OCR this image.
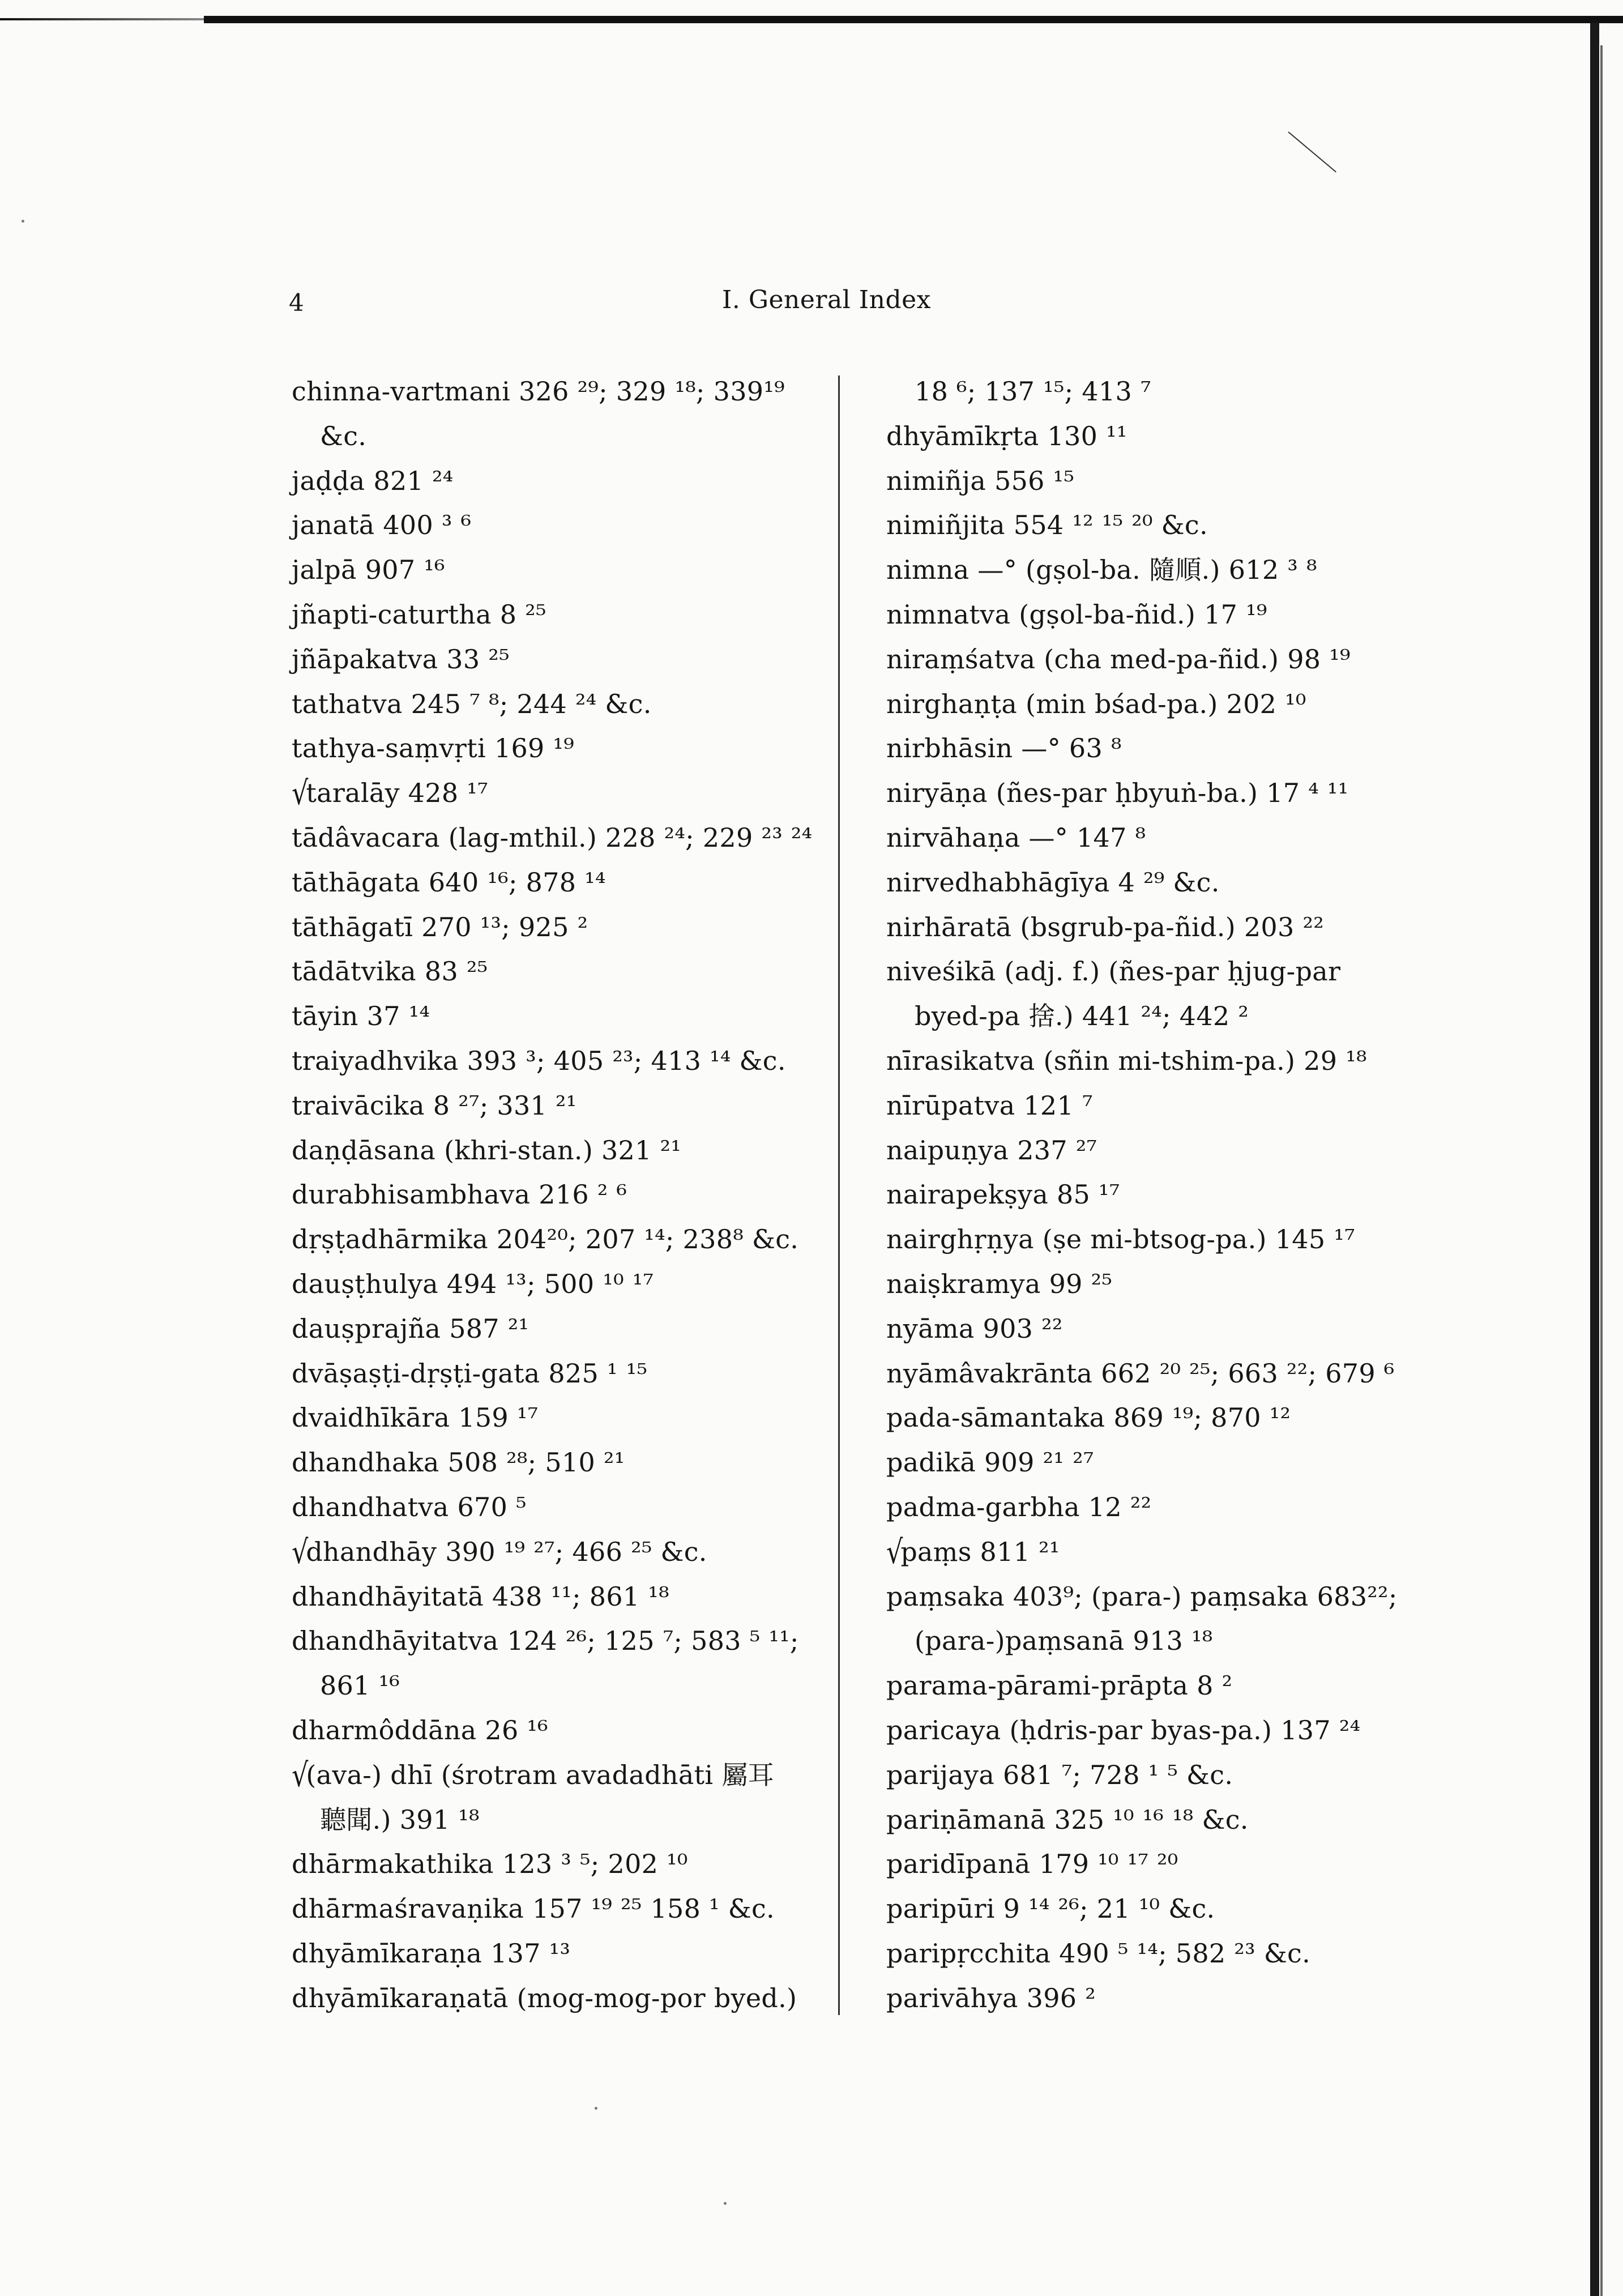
4	I. General Index
chinna-vartmani 326 ²⁹; 329 ¹⁸; 339¹⁹
&c.
jaḍḍa 821 ²⁴
janatā 400 ³ ⁶
jalpā 907 ¹⁶
jñapti-caturtha 8 ²⁵
jñāpakatva 33 ²⁵
tathatva 245 ⁷ ⁸; 244 ²⁴ &c.
tathya-saṃvṛti 169 ¹⁹
√taralāy 428 ¹⁷
tādâvacara (lag-mthil.) 228 ²⁴; 229 ²³ ²⁴
tāthāgata 640 ¹⁶; 878 ¹⁴
tāthāgatī 270 ¹³; 925 ²
tādātvika 83 ²⁵
tāyin 37 ¹⁴
traiyadhvika 393 ³; 405 ²³; 413 ¹⁴ &c.
traivācika 8 ²⁷; 331 ²¹
daṇḍāsana (khri-stan.) 321 ²¹
durabhisambhava 216 ² ⁶
dṛṣṭadhārmika 204²⁰; 207 ¹⁴; 238⁸ &c.
dauṣṭhulya 494 ¹³; 500 ¹⁰ ¹⁷
dauṣprajña 587 ²¹
dvāṣaṣṭi-dṛṣṭi-gata 825 ¹ ¹⁵
dvaidhīkāra 159 ¹⁷
dhandhaka 508 ²⁸; 510 ²¹
dhandhatva 670 ⁵
√dhandhāy 390 ¹⁹ ²⁷; 466 ²⁵ &c.
dhandhāyitatā 438 ¹¹; 861 ¹⁸
dhandhāyitatva 124 ²⁶; 125 ⁷; 583 ⁵ ¹¹;
861 ¹⁶
dharmôddāna 26 ¹⁶
√(ava-) dhī (śrotram avadadhāti 屬耳
聽聞.) 391 ¹⁸
dhārmakathika 123 ³ ⁵; 202 ¹⁰
dhārmaśravaṇika 157 ¹⁹ ²⁵ 158 ¹ &c.
dhyāmīkaraṇa 137 ¹³
dhyāmīkaraṇatā (mog-mog-por byed.)
18 ⁶; 137 ¹⁵; 413 ⁷
dhyāmīkṛta 130 ¹¹
nimiñja 556 ¹⁵
nimiñjita 554 ¹² ¹⁵ ²⁰ &c.
nimna —° (gṣol-ba. 隨順.) 612 ³ ⁸
nimnatva (gṣol-ba-ñid.) 17 ¹⁹
niraṃśatva (cha med-pa-ñid.) 98 ¹⁹
nirghaṇṭa (min bśad-pa.) 202 ¹⁰
nirbhāsin —° 63 ⁸
niryāṇa (ñes-par ḥbyuṅ-ba.) 17 ⁴ ¹¹
nirvāhaṇa —° 147 ⁸
nirvedhabhāgīya 4 ²⁹ &c.
nirhāratā (bsgrub-pa-ñid.) 203 ²²
niveśikā (adj. f.) (ñes-par ḥjug-par
byed-pa 捨.) 441 ²⁴; 442 ²
nīrasikatva (sñin mi-tshim-pa.) 29 ¹⁸
nīrūpatva 121 ⁷
naipuṇya 237 ²⁷
nairapekṣya 85 ¹⁷
nairghṛṇya (ṣe mi-btsog-pa.) 145 ¹⁷
naiṣkramya 99 ²⁵
nyāma 903 ²²
nyāmâvakrānta 662 ²⁰ ²⁵; 663 ²²; 679 ⁶
pada-sāmantaka 869 ¹⁹; 870 ¹²
padikā 909 ²¹ ²⁷
padma-garbha 12 ²²
√paṃs 811 ²¹
paṃsaka 403⁹; (para-) paṃsaka 683²²;
(para-)paṃsanā 913 ¹⁸
parama-pārami-prāpta 8 ²
paricaya (ḥdris-par byas-pa.) 137 ²⁴
parijaya 681 ⁷; 728 ¹ ⁵ &c.
pariṇāmanā 325 ¹⁰ ¹⁶ ¹⁸ &c.
paridīpanā 179 ¹⁰ ¹⁷ ²⁰
paripūri 9 ¹⁴ ²⁶; 21 ¹⁰ &c.
paripṛcchita 490 ⁵ ¹⁴; 582 ²³ &c.
parivāhya 396 ²
